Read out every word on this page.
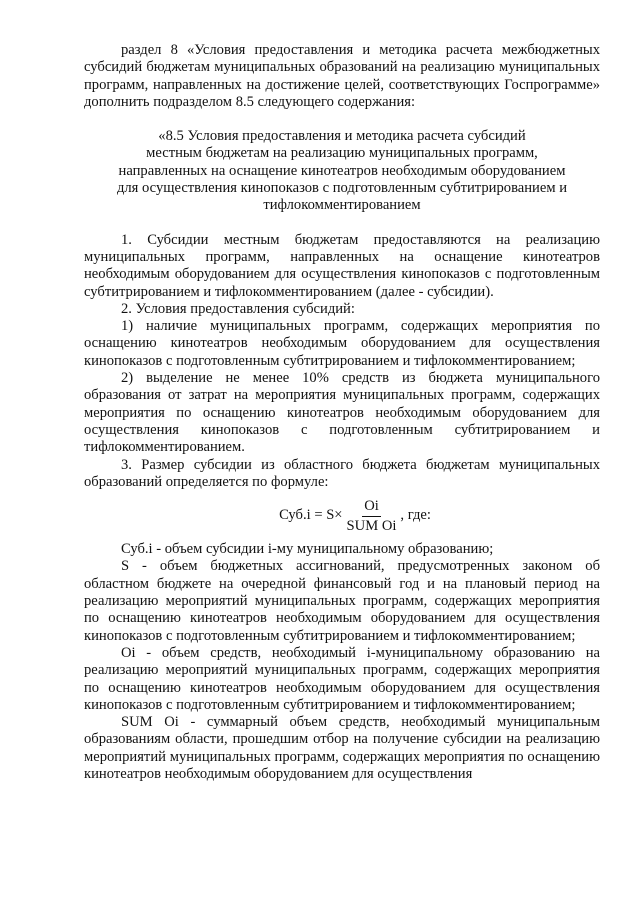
раздел 8 «Условия предоставления и методика расчета межбюджетных субсидий бюджетам муниципальных образований на реализацию муниципальных программ, направленных на достижение целей, соответствующих Госпрограмме» дополнить подразделом 8.5 следующего содержания:

«8.5 Условия предоставления и методика расчета субсидий
местным бюджетам на реализацию муниципальных программ,
направленных на оснащение кинотеатров необходимым оборудованием
для осуществления кинопоказов с подготовленным субтитрированием и
тифлокомментированием

1. Субсидии местным бюджетам предоставляются на реализацию муниципальных программ, направленных на оснащение кинотеатров необходимым оборудованием для осуществления кинопоказов с подготовленным субтитрированием и тифлокомментированием (далее - субсидии).

2. Условия предоставления субсидий:

1) наличие муниципальных программ, содержащих мероприятия по оснащению кинотеатров необходимым оборудованием для осуществления кинопоказов с подготовленным субтитрированием и тифлокомментированием;

2) выделение не менее 10% средств из бюджета муниципального образования от затрат на мероприятия муниципальных программ, содержащих мероприятия по оснащению кинотеатров необходимым оборудованием для осуществления кинопоказов с подготовленным субтитрированием и тифлокомментированием.

3. Размер субсидии из областного бюджета бюджетам муниципальных образований определяется по формуле:

$Суб.i = S\times \frac{Oi}{\text{SUM Oi}}$ , где:

Суб.i - объем субсидии i-му муниципальному образованию;

S - объем бюджетных ассигнований, предусмотренных законом об областном бюджете на очередной финансовый год и на плановый период на реализацию мероприятий муниципальных программ, содержащих мероприятия по оснащению кинотеатров необходимым оборудованием для осуществления кинопоказов с подготовленным субтитрированием и тифлокомментированием;

Oi - объем средств, необходимый i-муниципальному образованию на реализацию мероприятий муниципальных программ, содержащих мероприятия по оснащению кинотеатров необходимым оборудованием для осуществления кинопоказов с подготовленным субтитрированием и тифлокомментированием;

SUM Oi - суммарный объем средств, необходимый муниципальным образованиям области, прошедшим отбор на получение субсидии на реализацию мероприятий муниципальных программ, содержащих мероприятия по оснащению кинотеатров необходимым оборудованием для осуществления
